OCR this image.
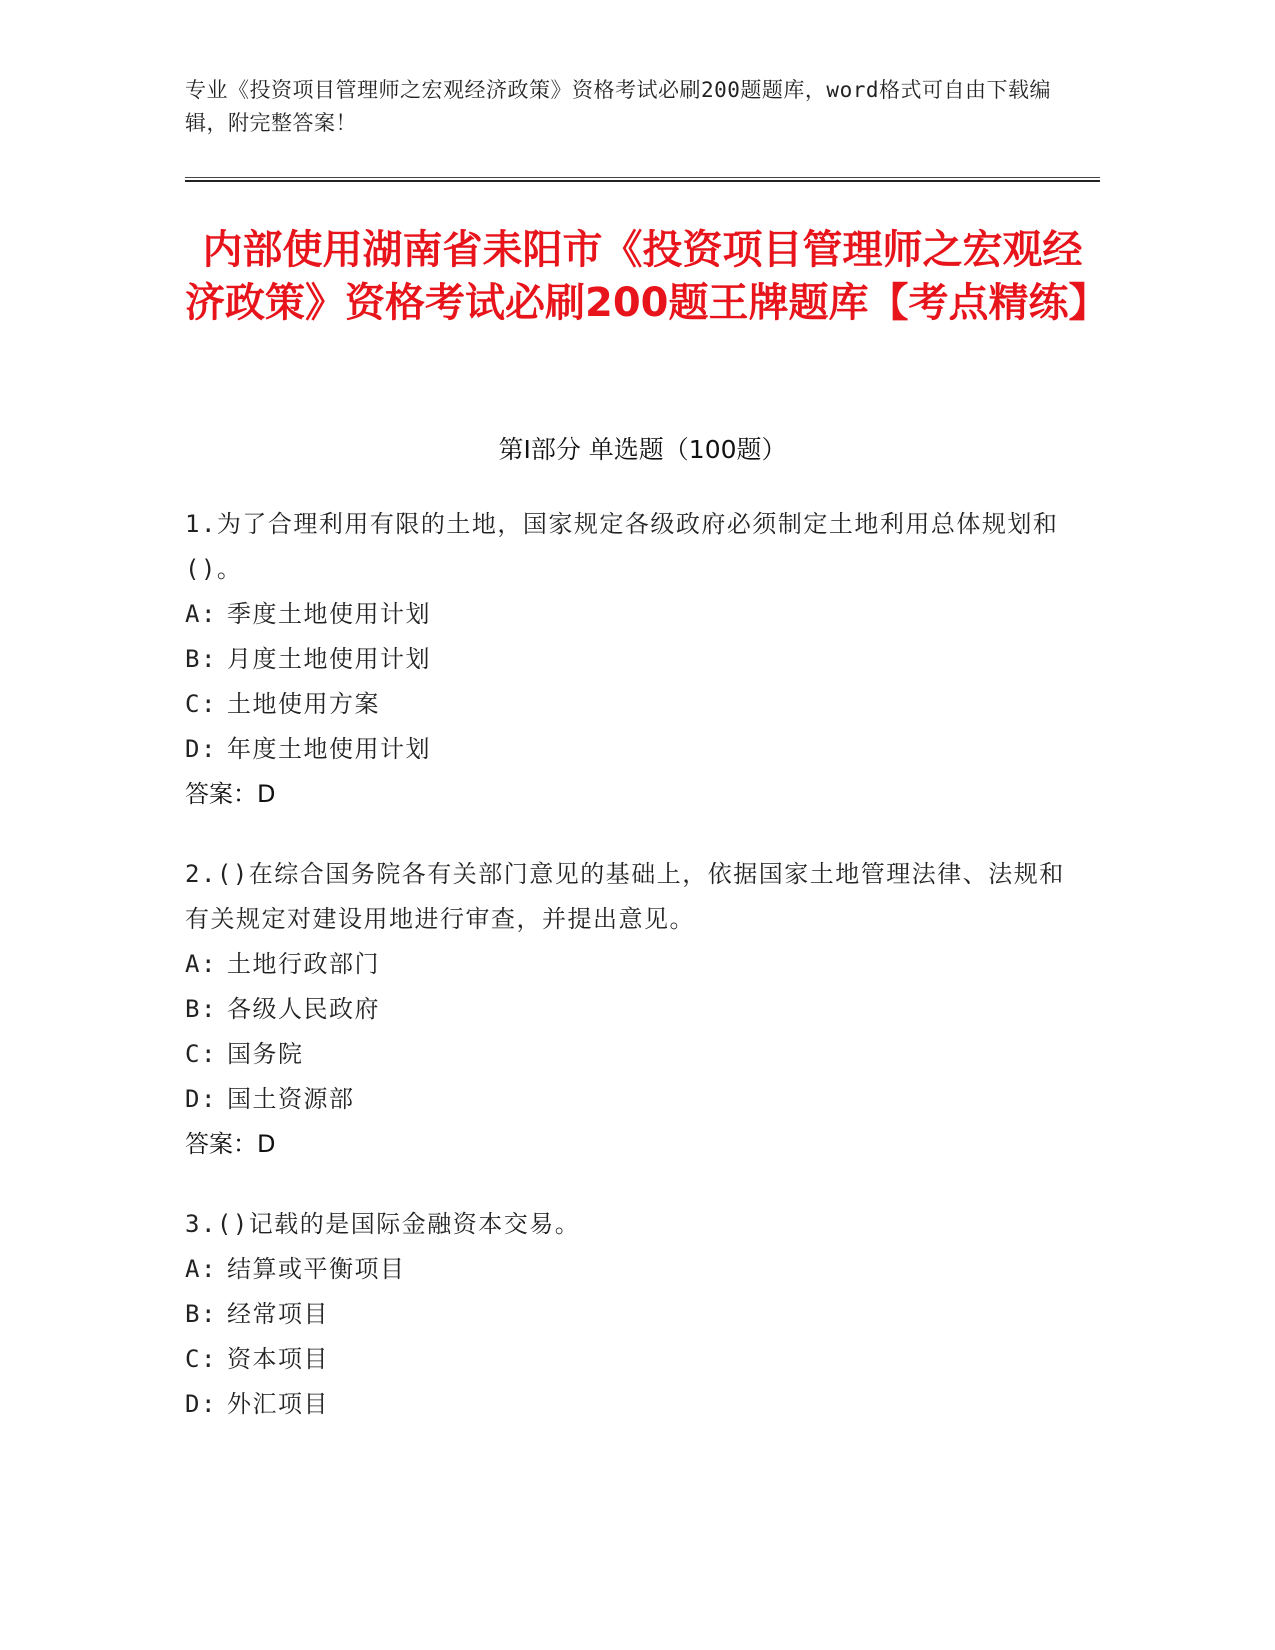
专业《投资项目管理师之宏观经济政策》资格考试必刷200题题库，word格式可自由下载编辑，附完整答案！
内部使用湖南省耒阳市《投资项目管理师之宏观经济政策》资格考试必刷200题王牌题库【考点精练】
第I部分 单选题（100题）

1.为了合理利用有限的土地，国家规定各级政府必须制定土地利用总体规划和()。

A: 季度土地使用计划
B: 月度土地使用计划
C: 土地使用方案
D: 年度土地使用计划
答案：D

2.()在综合国务院各有关部门意见的基础上，依据国家土地管理法律、法规和有关规定对建设用地进行审查，并提出意见。

A: 土地行政部门
B: 各级人民政府
C: 国务院
D: 国土资源部
答案：D

3.()记载的是国际金融资本交易。

A: 结算或平衡项目
B: 经常项目
C: 资本项目
D: 外汇项目
